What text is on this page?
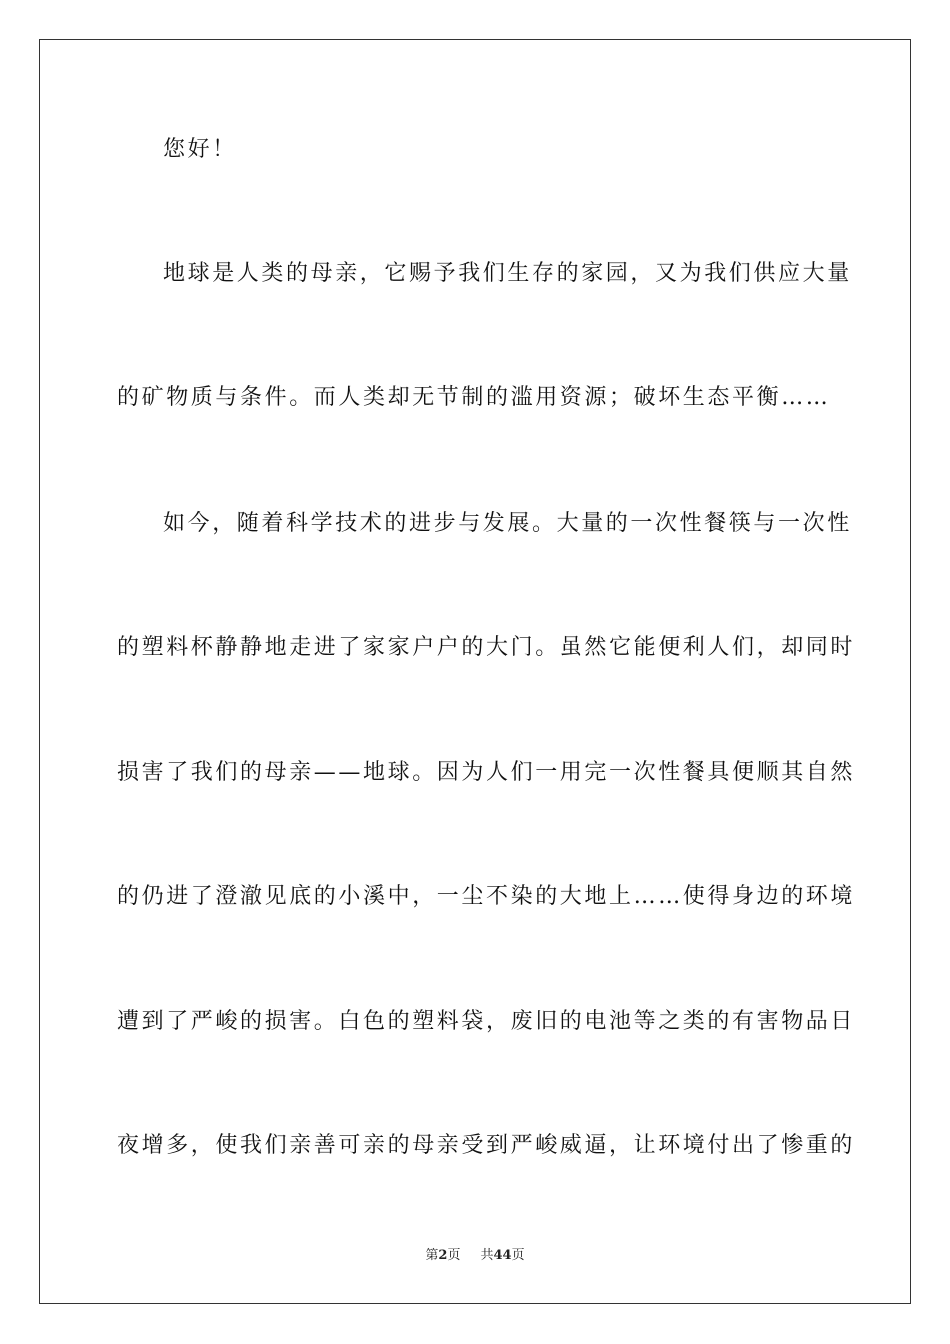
您好！
地球是人类的母亲，它赐予我们生存的家园，又为我们供应大量
的矿物质与条件。而人类却无节制的滥用资源；破坏生态平衡……
如今，随着科学技术的进步与发展。大量的一次性餐筷与一次性
的塑料杯静静地走进了家家户户的大门。虽然它能便利人们，却同时
损害了我们的母亲——地球。因为人们一用完一次性餐具便顺其自然
的仍进了澄澈见底的小溪中，一尘不染的大地上……使得身边的环境
遭到了严峻的损害。白色的塑料袋，废旧的电池等之类的有害物品日
夜增多，使我们亲善可亲的母亲受到严峻威逼，让环境付出了惨重的
第2页 共44页
